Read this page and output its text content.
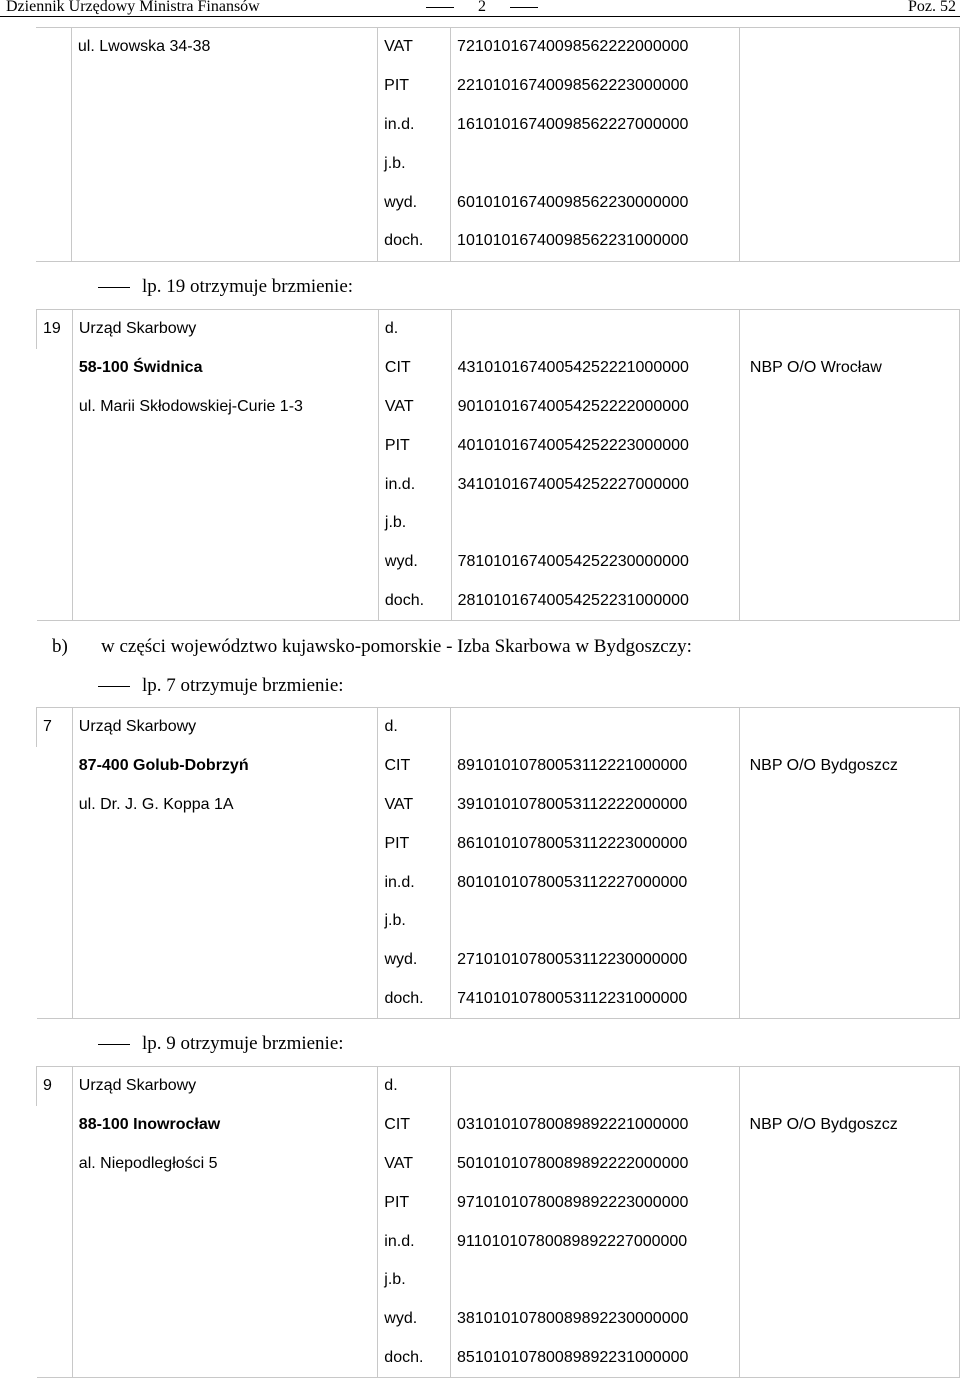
Dziennik Urzędowy Ministra Finansów	2	Poz. 52
	ul. Lwowska 34-38	VAT	72101016740098562222000000	
		PIT	22101016740098562223000000	
		in.d.	16101016740098562227000000	
		j.b.		
		wyd.	60101016740098562230000000	
		doch.	10101016740098562231000000	
lp. 19 otrzymuje brzmienie:
19	Urząd Skarbowy	d.		
	58-100 Świdnica	CIT	43101016740054252221000000	NBP O/O Wrocław
	ul. Marii Skłodowskiej-Curie 1-3	VAT	90101016740054252222000000	
		PIT	40101016740054252223000000	
		in.d.	34101016740054252227000000	
		j.b.		
		wyd.	78101016740054252230000000	
		doch.	28101016740054252231000000	
b) w części województwo kujawsko-pomorskie - Izba Skarbowa w Bydgoszczy:
lp. 7 otrzymuje brzmienie:
7	Urząd Skarbowy	d.		
	87-400 Golub-Dobrzyń	CIT	89101010780053112221000000	NBP O/O Bydgoszcz
	ul. Dr. J. G. Koppa 1A	VAT	39101010780053112222000000	
		PIT	86101010780053112223000000	
		in.d.	80101010780053112227000000	
		j.b.		
		wyd.	27101010780053112230000000	
		doch.	74101010780053112231000000	
lp. 9 otrzymuje brzmienie:
9	Urząd Skarbowy	d.		
	88-100 Inowrocław	CIT	03101010780089892221000000	NBP O/O Bydgoszcz
	al. Niepodległości 5	VAT	50101010780089892222000000	
		PIT	97101010780089892223000000	
		in.d.	91101010780089892227000000	
		j.b.		
		wyd.	38101010780089892230000000	
		doch.	85101010780089892231000000	
